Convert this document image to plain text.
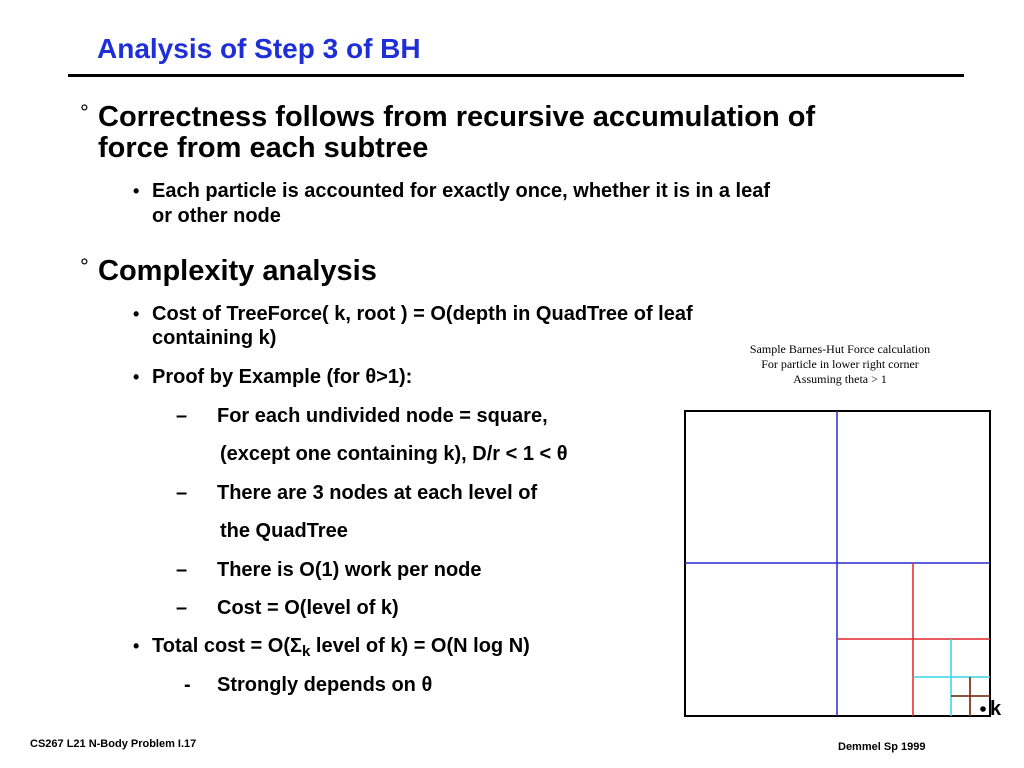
Analysis of Step 3 of BH
° Correctness follows from recursive accumulation of
force from each subtree
• Each particle is accounted for exactly once, whether it is in a leaf
or other node
° Complexity analysis
• Cost of TreeForce( k, root ) = O(depth in QuadTree of leaf
containing k)
• Proof by Example (for θ>1):
– For each undivided node = square,
(except one containing k), D/r < 1 < θ
– There are 3 nodes at each level of
the QuadTree
– There is O(1) work per node
– Cost = O(level of k)
• Total $\cos t = O(\Sigma_k$ level of k) = O(N log N)
- Strongly depends on θ
Sample Barnes-Hut Force calculation
For particle in lower right corner
Assuming theta > 1
k
CS267 L21 N-Body Problem I.17	Demmel Sp 1999
